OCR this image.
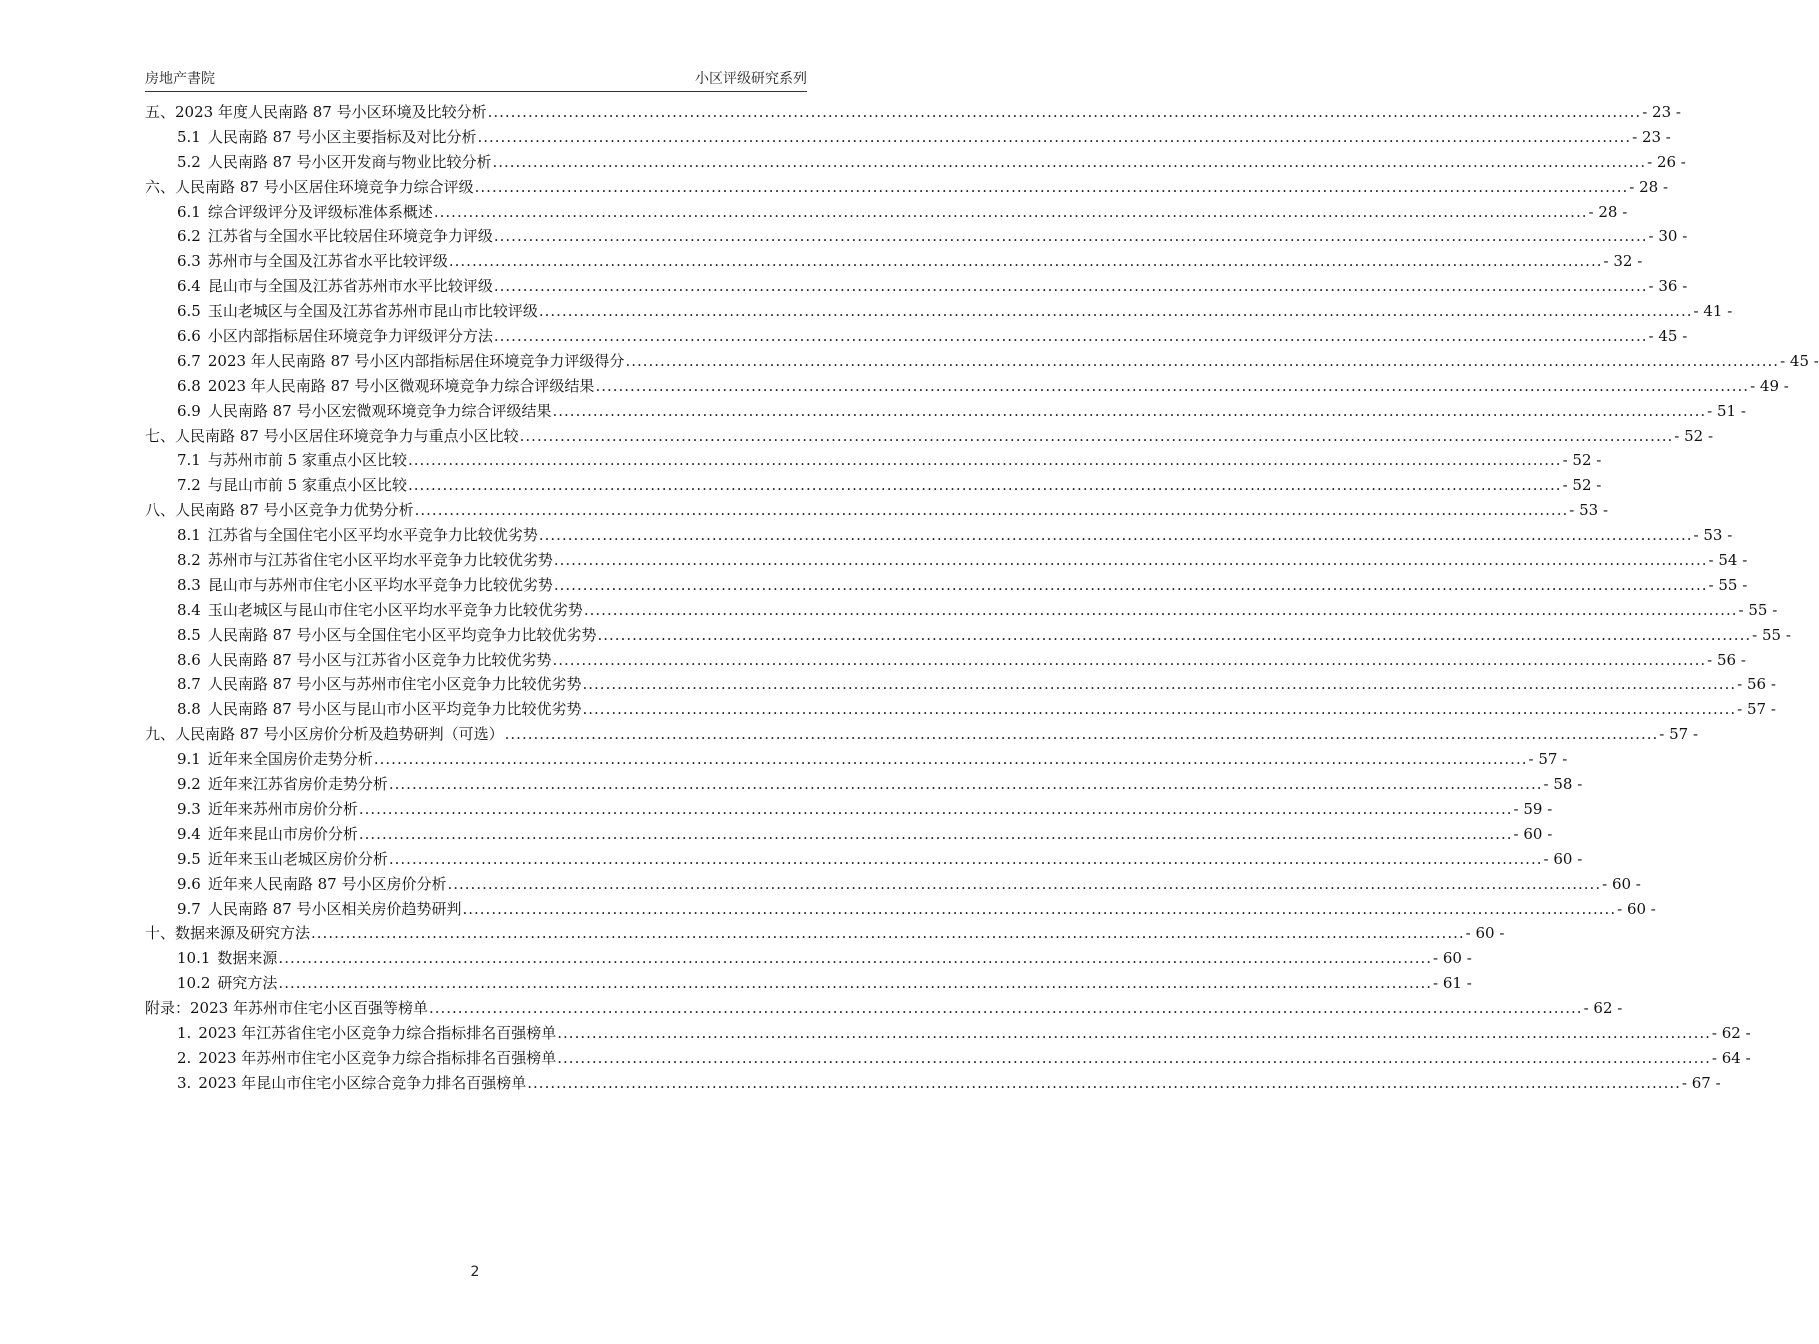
房地产書院	小区评级研究系列
五、2023 年度人民南路 87 号小区环境及比较分析 .....	- 23 -
5.1 人民南路 87 号小区主要指标及对比分析 .....	- 23 -
5.2 人民南路 87 号小区开发商与物业比较分析 .....	- 26 -
六、人民南路 87 号小区居住环境竞争力综合评级 .....	- 28 -
6.1 综合评级评分及评级标准体系概述 .....	- 28 -
6.2 江苏省与全国水平比较居住环境竞争力评级 .....	- 30 -
6.3 苏州市与全国及江苏省水平比较评级 .....	- 32 -
6.4 昆山市与全国及江苏省苏州市水平比较评级 .....	- 36 -
6.5 玉山老城区与全国及江苏省苏州市昆山市比较评级 .....	- 41 -
6.6 小区内部指标居住环境竞争力评级评分方法 .....	- 45 -
6.7 2023 年人民南路 87 号小区内部指标居住环境竞争力评级得分 .....	- 45 -
6.8 2023 年人民南路 87 号小区微观环境竞争力综合评级结果 .....	- 49 -
6.9 人民南路 87 号小区宏微观环境竞争力综合评级结果 .....	- 51 -
七、人民南路 87 号小区居住环境竞争力与重点小区比较 .....	- 52 -
7.1 与苏州市前 5 家重点小区比较 .....	- 52 -
7.2 与昆山市前 5 家重点小区比较 .....	- 52 -
八、人民南路 87 号小区竞争力优势分析 .....	- 53 -
8.1 江苏省与全国住宅小区平均水平竞争力比较优劣势 .....	- 53 -
8.2 苏州市与江苏省住宅小区平均水平竞争力比较优劣势 .....	- 54 -
8.3 昆山市与苏州市住宅小区平均水平竞争力比较优劣势 .....	- 55 -
8.4 玉山老城区与昆山市住宅小区平均水平竞争力比较优劣势 .....	- 55 -
8.5 人民南路 87 号小区与全国住宅小区平均竞争力比较优劣势 .....	- 55 -
8.6 人民南路 87 号小区与江苏省小区竞争力比较优劣势 .....	- 56 -
8.7 人民南路 87 号小区与苏州市住宅小区竞争力比较优劣势 .....	- 56 -
8.8 人民南路 87 号小区与昆山市小区平均竞争力比较优劣势 .....	- 57 -
九、人民南路 87 号小区房价分析及趋势研判（可选） .....	- 57 -
9.1 近年来全国房价走势分析 .....	- 57 -
9.2 近年来江苏省房价走势分析 .....	- 58 -
9.3 近年来苏州市房价分析 .....	- 59 -
9.4 近年来昆山市房价分析 .....	- 60 -
9.5 近年来玉山老城区房价分析 .....	- 60 -
9.6 近年来人民南路 87 号小区房价分析 .....	- 60 -
9.7 人民南路 87 号小区相关房价趋势研判 .....	- 60 -
十、数据来源及研究方法 .....	- 60 -
10.1 数据来源 .....	- 60 -
10.2 研究方法 .....	- 61 -
附录：2023 年苏州市住宅小区百强等榜单 .....	- 62 -
1. 2023 年江苏省住宅小区竞争力综合指标排名百强榜单 .....	- 62 -
2. 2023 年苏州市住宅小区竞争力综合指标排名百强榜单 .....	- 64 -
3. 2023 年昆山市住宅小区综合竞争力排名百强榜单 .....	- 67 -
2
